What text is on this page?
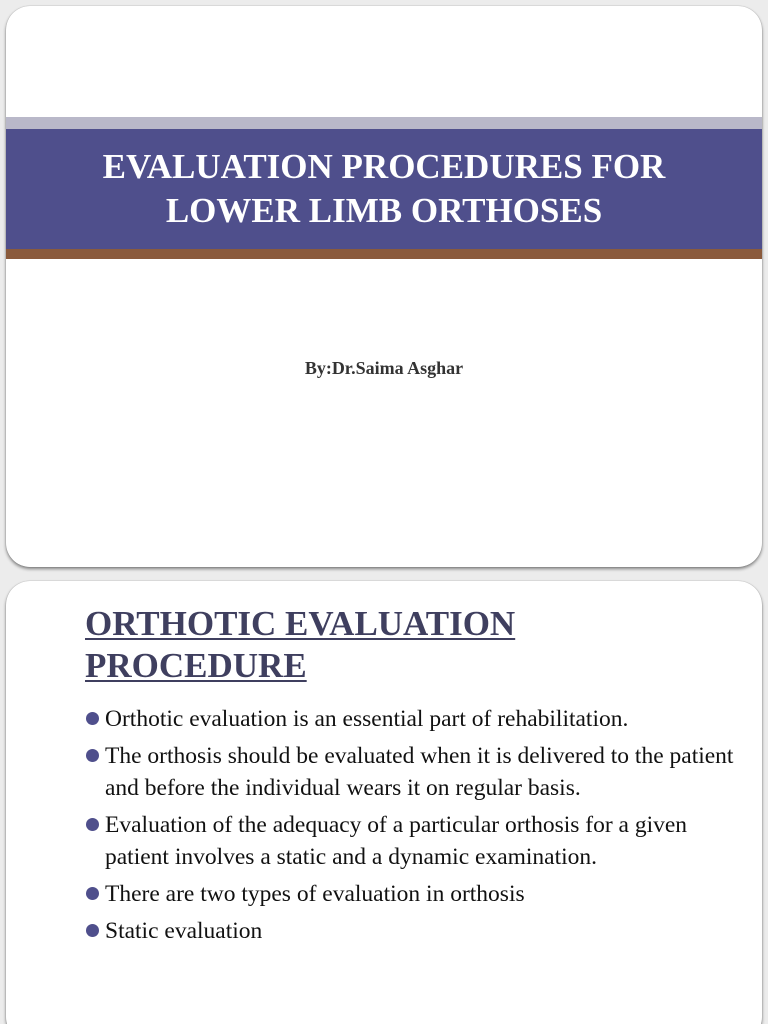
EVALUATION PROCEDURES FOR LOWER LIMB ORTHOSES

By:Dr.Saima Asghar

ORTHOTIC EVALUATION PROCEDURE
Orthotic evaluation is an essential part of rehabilitation.
The orthosis should be evaluated when it is delivered to the patient and before the individual wears it on regular basis.
Evaluation of the adequacy of a particular orthosis for a given patient involves a static and a dynamic examination.
There are two types of evaluation in orthosis
Static evaluation
